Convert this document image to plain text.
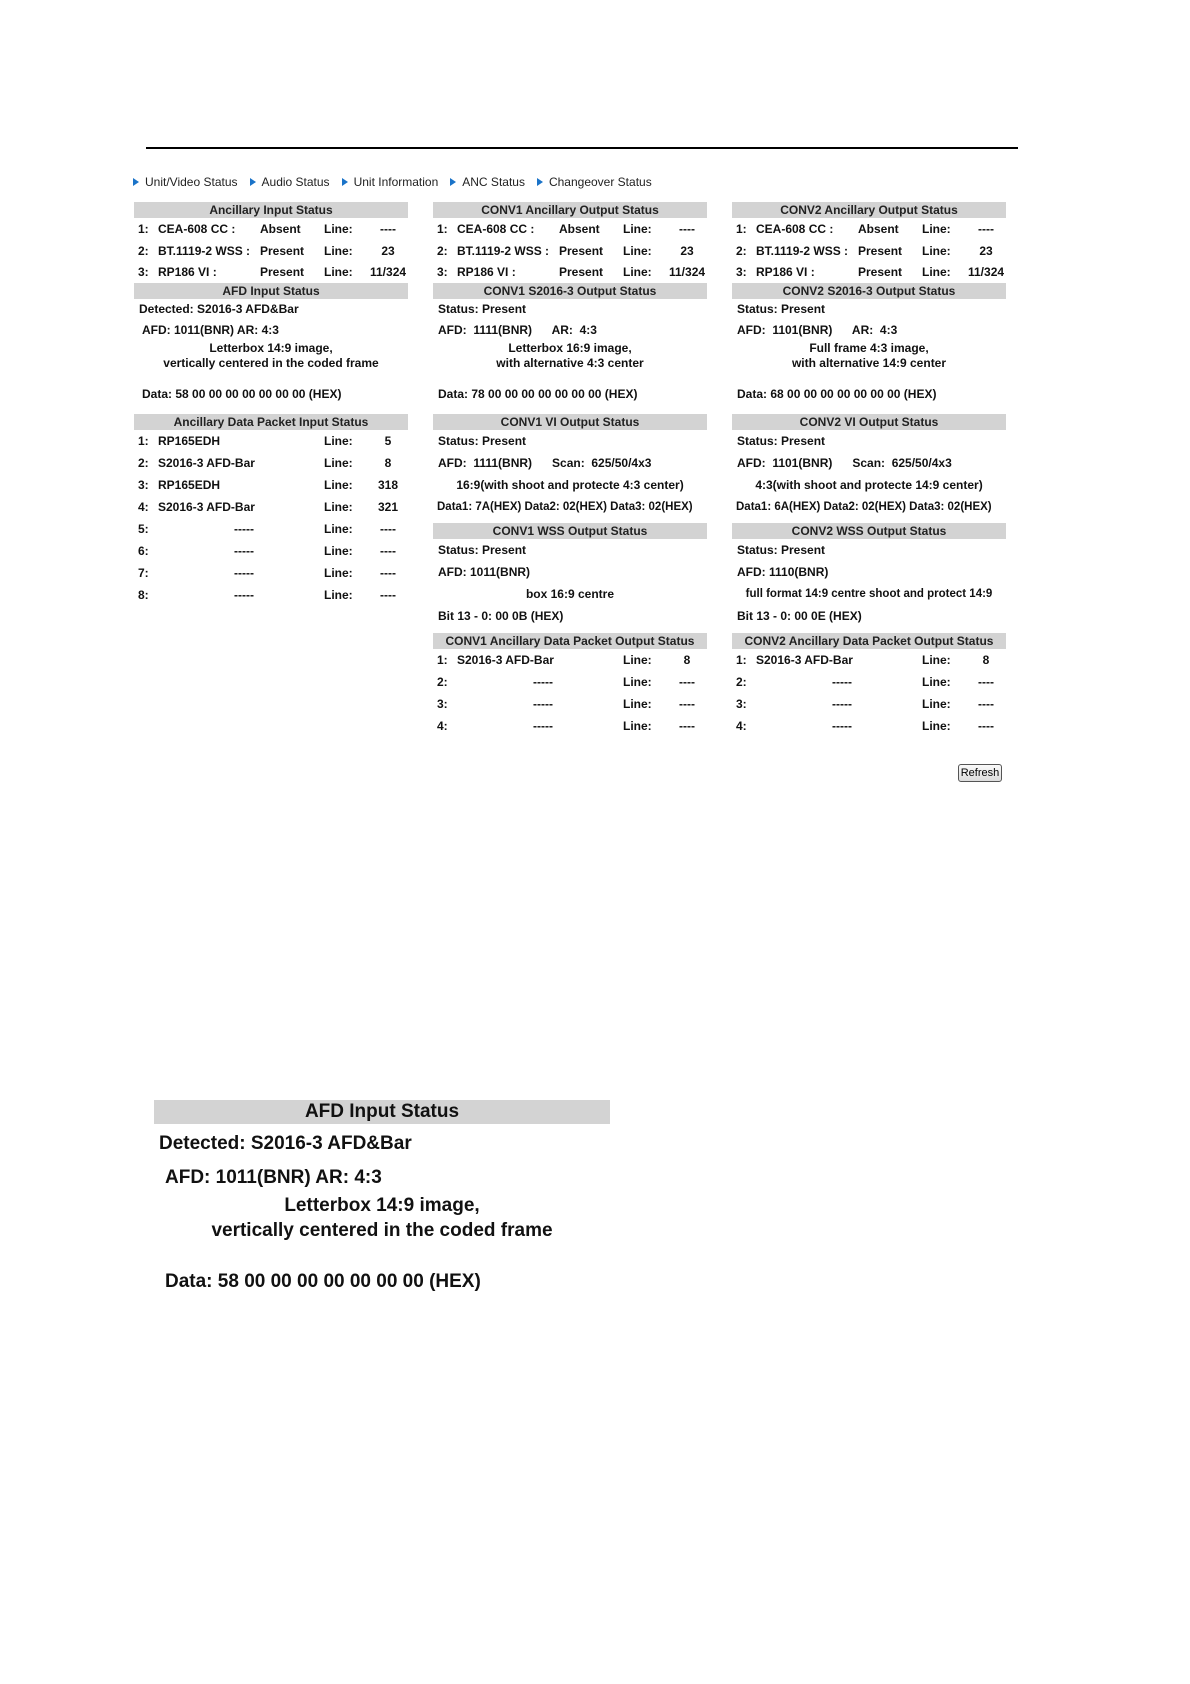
Unit/Video Status Audio Status Unit Information ANC Status Changeover Status
Ancillary Input Status
1: CEA-608 CC : Absent Line:	----
2: BT.1119-2 WSS : Present Line:	23
3: RP186 VI :	Present Line: 11/324
AFD Input Status
Detected: S2016-3 AFD&Bar
AFD: 1011(BNR) AR: 4:3
Letterbox 14:9 image,
vertically centered in the coded frame
Data: 58 00 00 00 00 00 00 00 (HEX)
Ancillary Data Packet Input Status
1: RP165EDH	Line:	5
2: S2016-3 AFD-Bar	Line:	8
3: RP165EDH	Line:	318
4: S2016-3 AFD-Bar	Line:	321
5:	-----	Line:	----
6:	-----	Line:	----
7:	-----	Line:	----
8:	-----	Line:	----
CONV1 Ancillary Output Status
1: CEA-608 CC : Absent Line:	----
2: BT.1119-2 WSS : Present Line:	23
3: RP186 VI :	Present Line: 11/324
CONV1 S2016-3 Output Status
Status: Present
AFD:  1111(BNR)      AR:  4:3
Letterbox 16:9 image,
with alternative 4:3 center
Data: 78 00 00 00 00 00 00 00 (HEX)
CONV1 VI Output Status
Status: Present
AFD:  1111(BNR)      Scan:  625/50/4x3
16:9(with shoot and protecte 4:3 center)
Data1: 7A(HEX) Data2: 02(HEX) Data3: 02(HEX)
CONV1 WSS Output Status
Status: Present
AFD: 1011(BNR)
box 16:9 centre
Bit 13 - 0: 00 0B (HEX)
CONV1 Ancillary Data Packet Output Status
1: S2016-3 AFD-Bar	Line:	8
2:	-----	Line:	----
3:	-----	Line:	----
4:	-----	Line:	----
CONV2 Ancillary Output Status
1: CEA-608 CC : Absent Line:	----
2: BT.1119-2 WSS : Present Line:	23
3: RP186 VI :	Present Line: 11/324
CONV2 S2016-3 Output Status
Status: Present
AFD:  1101(BNR)      AR:  4:3
Full frame 4:3 image,
with alternative 14:9 center
Data: 68 00 00 00 00 00 00 00 (HEX)
CONV2 VI Output Status
Status: Present
AFD:  1101(BNR)      Scan:  625/50/4x3
4:3(with shoot and protecte 14:9 center)
Data1: 6A(HEX) Data2: 02(HEX) Data3: 02(HEX)
CONV2 WSS Output Status
Status: Present
AFD: 1110(BNR)
full format 14:9 centre shoot and protect 14:9
Bit 13 - 0: 00 0E (HEX)
CONV2 Ancillary Data Packet Output Status
1: S2016-3 AFD-Bar	Line:	8
2:	-----	Line:	----
3:	-----	Line:	----
4:	-----	Line:	----
Refresh
AFD Input Status
Detected: S2016-3 AFD&Bar
AFD: 1011(BNR) AR: 4:3
Letterbox 14:9 image,
vertically centered in the coded frame
Data: 58 00 00 00 00 00 00 00 (HEX)
